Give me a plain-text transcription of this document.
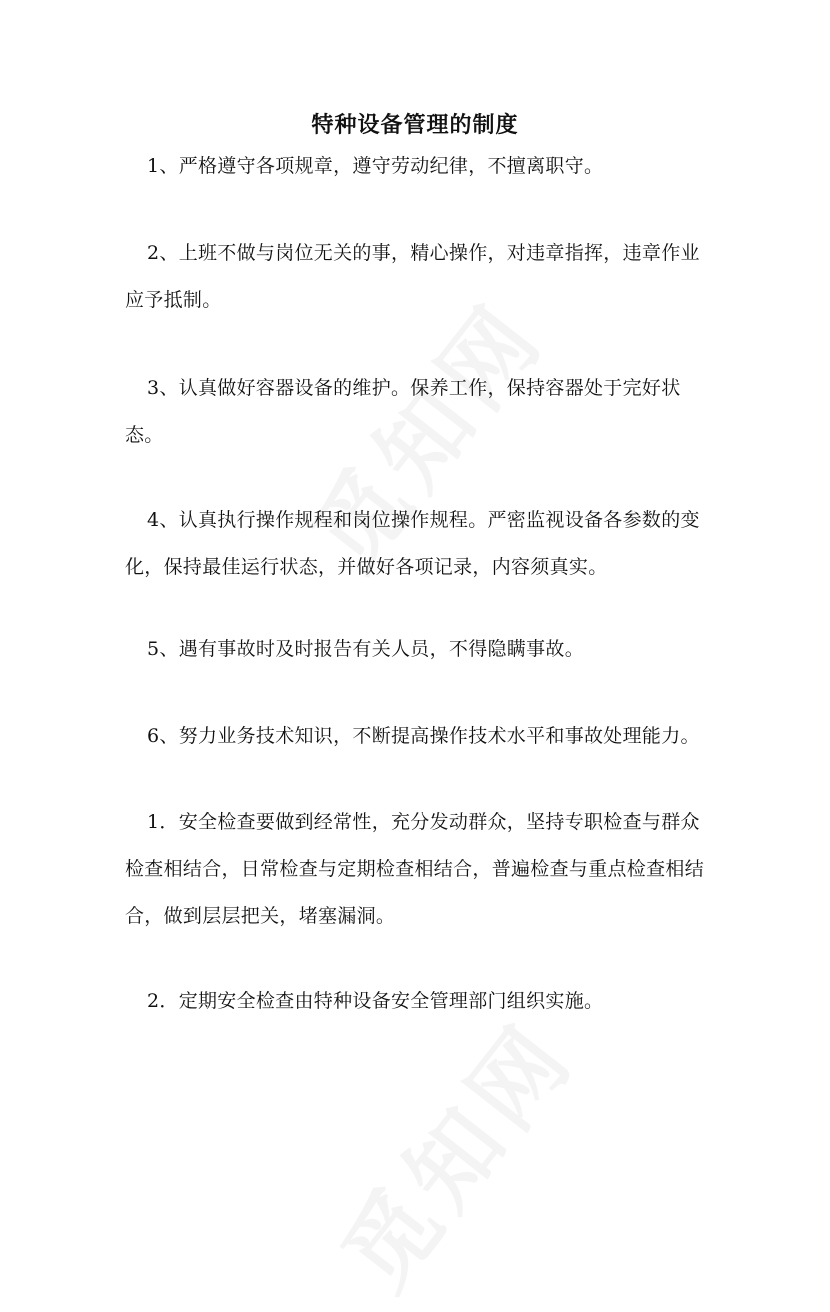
特种设备管理的制度
1、严格遵守各项规章，遵守劳动纪律，不擅离职守。
2、上班不做与岗位无关的事，精心操作，对违章指挥，违章作业应予抵制。
3、认真做好容器设备的维护。保养工作，保持容器处于完好状态。
4、认真执行操作规程和岗位操作规程。严密监视设备各参数的变化，保持最佳运行状态，并做好各项记录，内容须真实。
5、遇有事故时及时报告有关人员，不得隐瞒事故。
6、努力业务技术知识，不断提高操作技术水平和事故处理能力。
1．安全检查要做到经常性，充分发动群众，坚持专职检查与群众检查相结合，日常检查与定期检查相结合，普遍检查与重点检查相结合，做到层层把关，堵塞漏洞。
2．定期安全检查由特种设备安全管理部门组织实施。
